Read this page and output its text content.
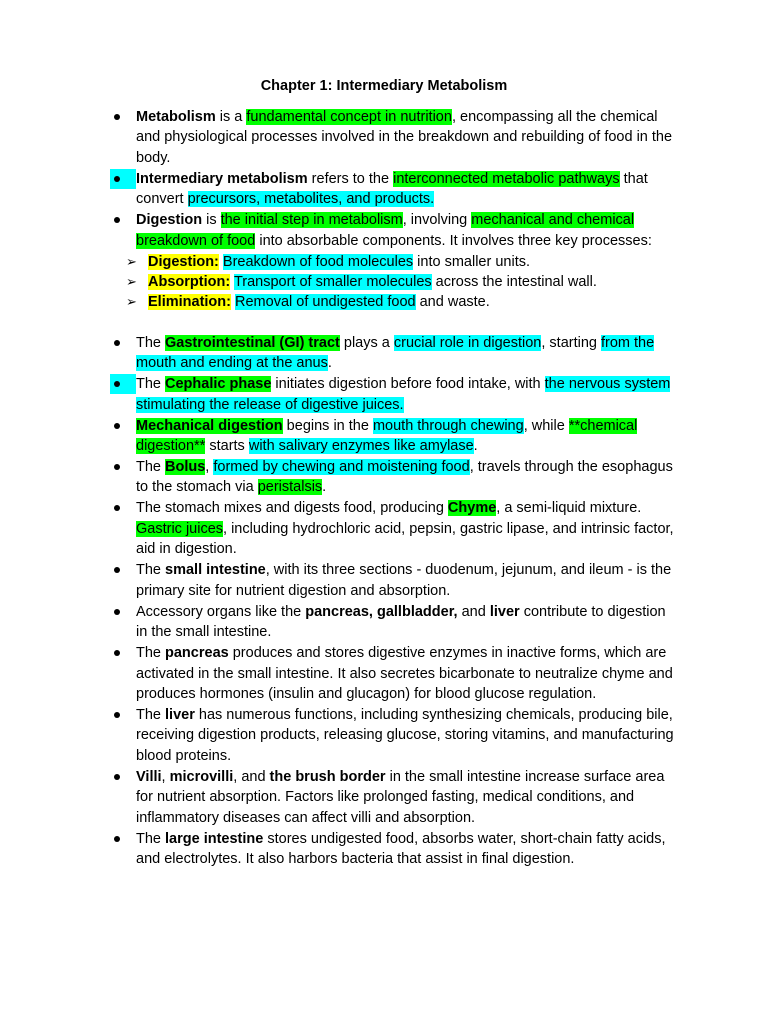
Chapter 1: Intermediary Metabolism
Metabolism is a fundamental concept in nutrition, encompassing all the chemical and physiological processes involved in the breakdown and rebuilding of food in the body.
Intermediary metabolism refers to the interconnected metabolic pathways that convert precursors, metabolites, and products.
Digestion is the initial step in metabolism, involving mechanical and chemical breakdown of food into absorbable components. It involves three key processes:
➢ Digestion: Breakdown of food molecules into smaller units.
➢ Absorption: Transport of smaller molecules across the intestinal wall.
➢ Elimination: Removal of undigested food and waste.
The Gastrointestinal (GI) tract plays a crucial role in digestion, starting from the mouth and ending at the anus.
The Cephalic phase initiates digestion before food intake, with the nervous system stimulating the release of digestive juices.
Mechanical digestion begins in the mouth through chewing, while **chemical digestion** starts with salivary enzymes like amylase.
The Bolus, formed by chewing and moistening food, travels through the esophagus to the stomach via peristalsis.
The stomach mixes and digests food, producing Chyme, a semi-liquid mixture. Gastric juices, including hydrochloric acid, pepsin, gastric lipase, and intrinsic factor, aid in digestion.
The small intestine, with its three sections - duodenum, jejunum, and ileum - is the primary site for nutrient digestion and absorption.
Accessory organs like the pancreas, gallbladder, and liver contribute to digestion in the small intestine.
The pancreas produces and stores digestive enzymes in inactive forms, which are activated in the small intestine. It also secretes bicarbonate to neutralize chyme and produces hormones (insulin and glucagon) for blood glucose regulation.
The liver has numerous functions, including synthesizing chemicals, producing bile, receiving digestion products, releasing glucose, storing vitamins, and manufacturing blood proteins.
Villi, microvilli, and the brush border in the small intestine increase surface area for nutrient absorption. Factors like prolonged fasting, medical conditions, and inflammatory diseases can affect villi and absorption.
The large intestine stores undigested food, absorbs water, short-chain fatty acids, and electrolytes. It also harbors bacteria that assist in final digestion.
